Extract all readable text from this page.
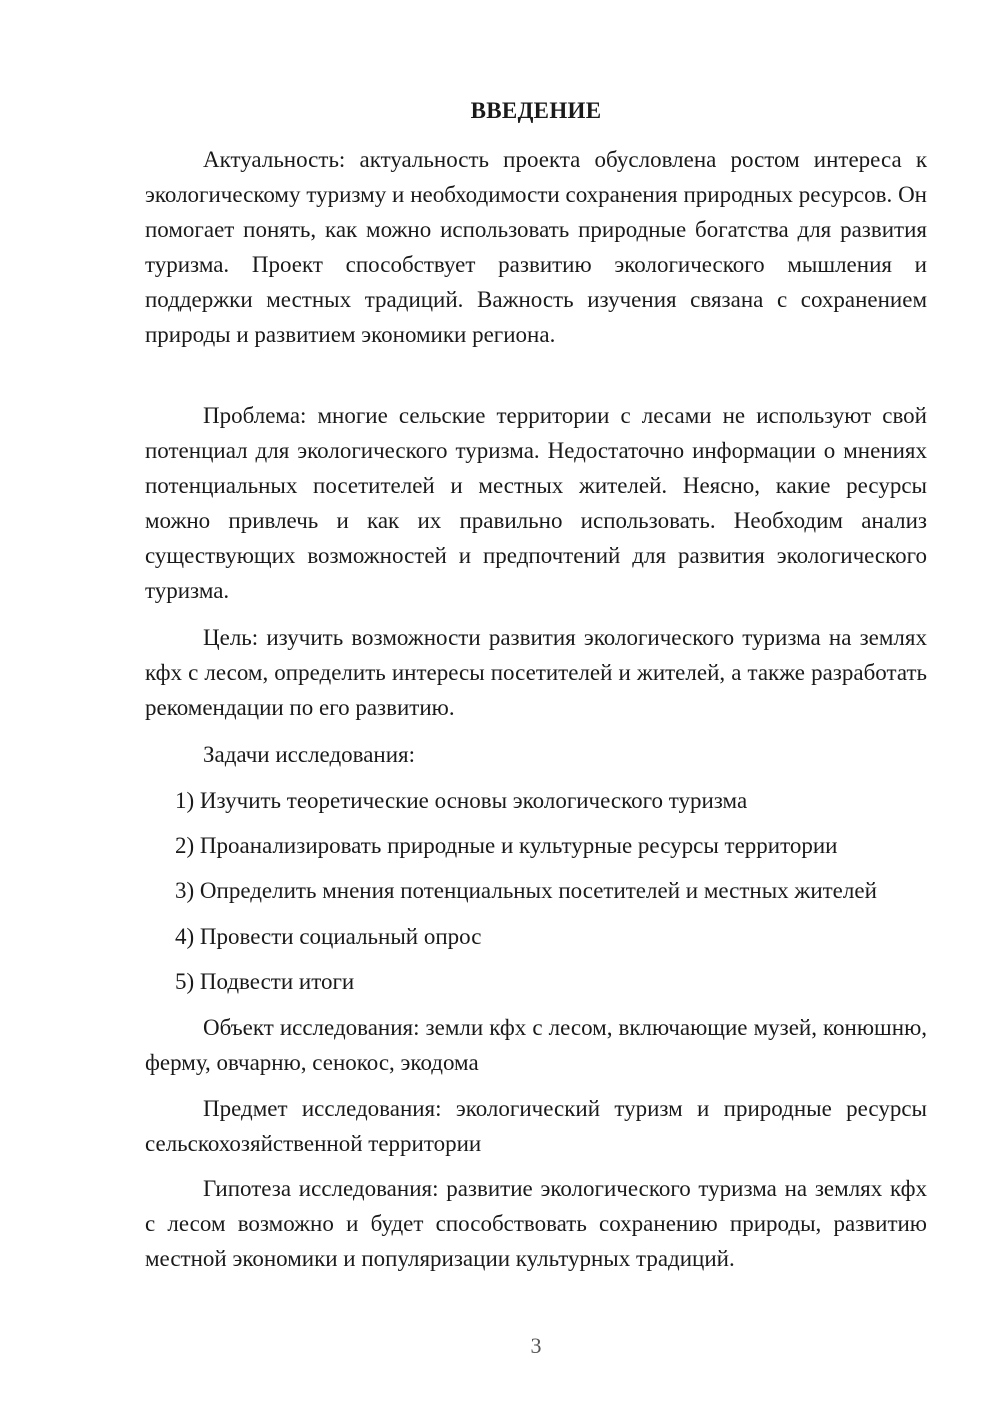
ВВЕДЕНИЕ

Актуальность: актуальность проекта обусловлена ростом интереса к экологическому туризму и необходимости сохранения природных ресурсов. Он помогает понять, как можно использовать природные богатства для развития туризма. Проект способствует развитию экологического мышления и поддержки местных традиций. Важность изучения связана с сохранением природы и развитием экономики региона.

Проблема: многие сельские территории с лесами не используют свой потенциал для экологического туризма. Недостаточно информации о мнениях потенциальных посетителей и местных жителей. Неясно, какие ресурсы можно привлечь и как их правильно использовать. Необходим анализ существующих возможностей и предпочтений для развития экологического туризма.

Цель: изучить возможности развития экологического туризма на землях кфх с лесом, определить интересы посетителей и жителей, а также разработать рекомендации по его развитию.

Задачи исследования:

1) Изучить теоретические основы экологического туризма

2) Проанализировать природные и культурные ресурсы территории

3) Определить мнения потенциальных посетителей и местных жителей

4) Провести социальный опрос

5) Подвести итоги

Объект исследования: земли кфх с лесом, включающие музей, конюшню, ферму, овчарню, сенокос, экодома

Предмет исследования: экологический туризм и природные ресурсы сельскохозяйственной территории

Гипотеза исследования: развитие экологического туризма на землях кфх с лесом возможно и будет способствовать сохранению природы, развитию местной экономики и популяризации культурных традиций.

3
